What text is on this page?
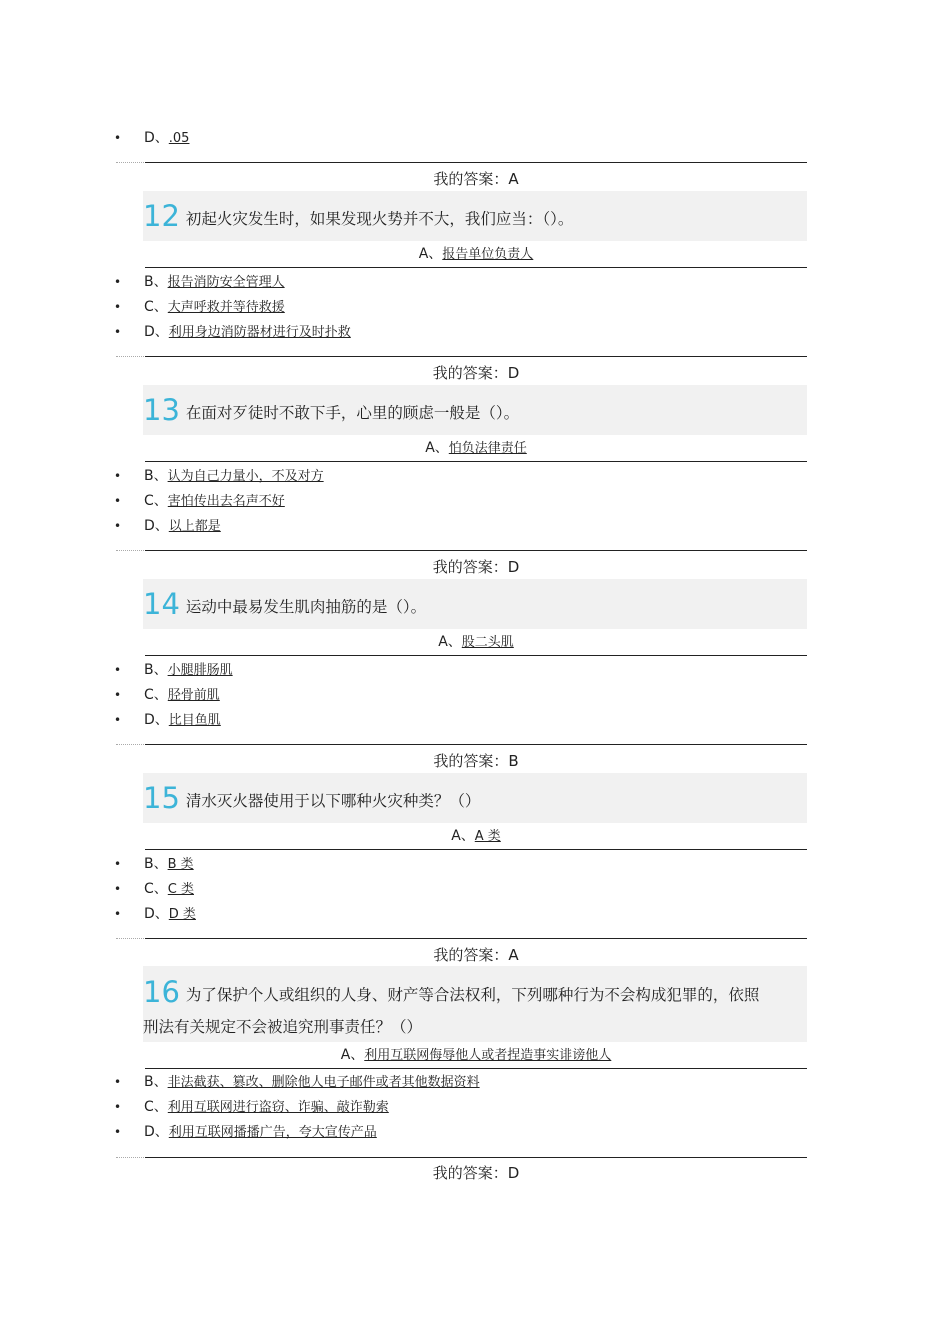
• D、.05
我的答案：A
12 初起火灾发生时，如果发现火势并不大，我们应当：（）。
A、报告单位负责人
• B、报告消防安全管理人
• C、大声呼救并等待救援
• D、利用身边消防器材进行及时扑救
我的答案：D
13 在面对歹徒时不敢下手，心里的顾虑一般是（）。
A、怕负法律责任
• B、认为自己力量小，不及对方
• C、害怕传出去名声不好
• D、以上都是
我的答案：D
14 运动中最易发生肌肉抽筋的是（）。
A、股二头肌
• B、小腿腓肠肌
• C、胫骨前肌
• D、比目鱼肌
我的答案：B
15 清水灭火器使用于以下哪种火灾种类？（）
A、A 类
• B、B 类
• C、C 类
• D、D 类
我的答案：A
16 为了保护个人或组织的人身、财产等合法权利，下列哪种行为不会构成犯罪的，依照
刑法有关规定不会被追究刑事责任？（）
A、利用互联网侮辱他人或者捏造事实诽谤他人
• B、非法截获、篡改、删除他人电子邮件或者其他数据资料
• C、利用互联网进行盗窃、诈骗、敲诈勒索
• D、利用互联网播播广告，夸大宣传产品
我的答案：D
